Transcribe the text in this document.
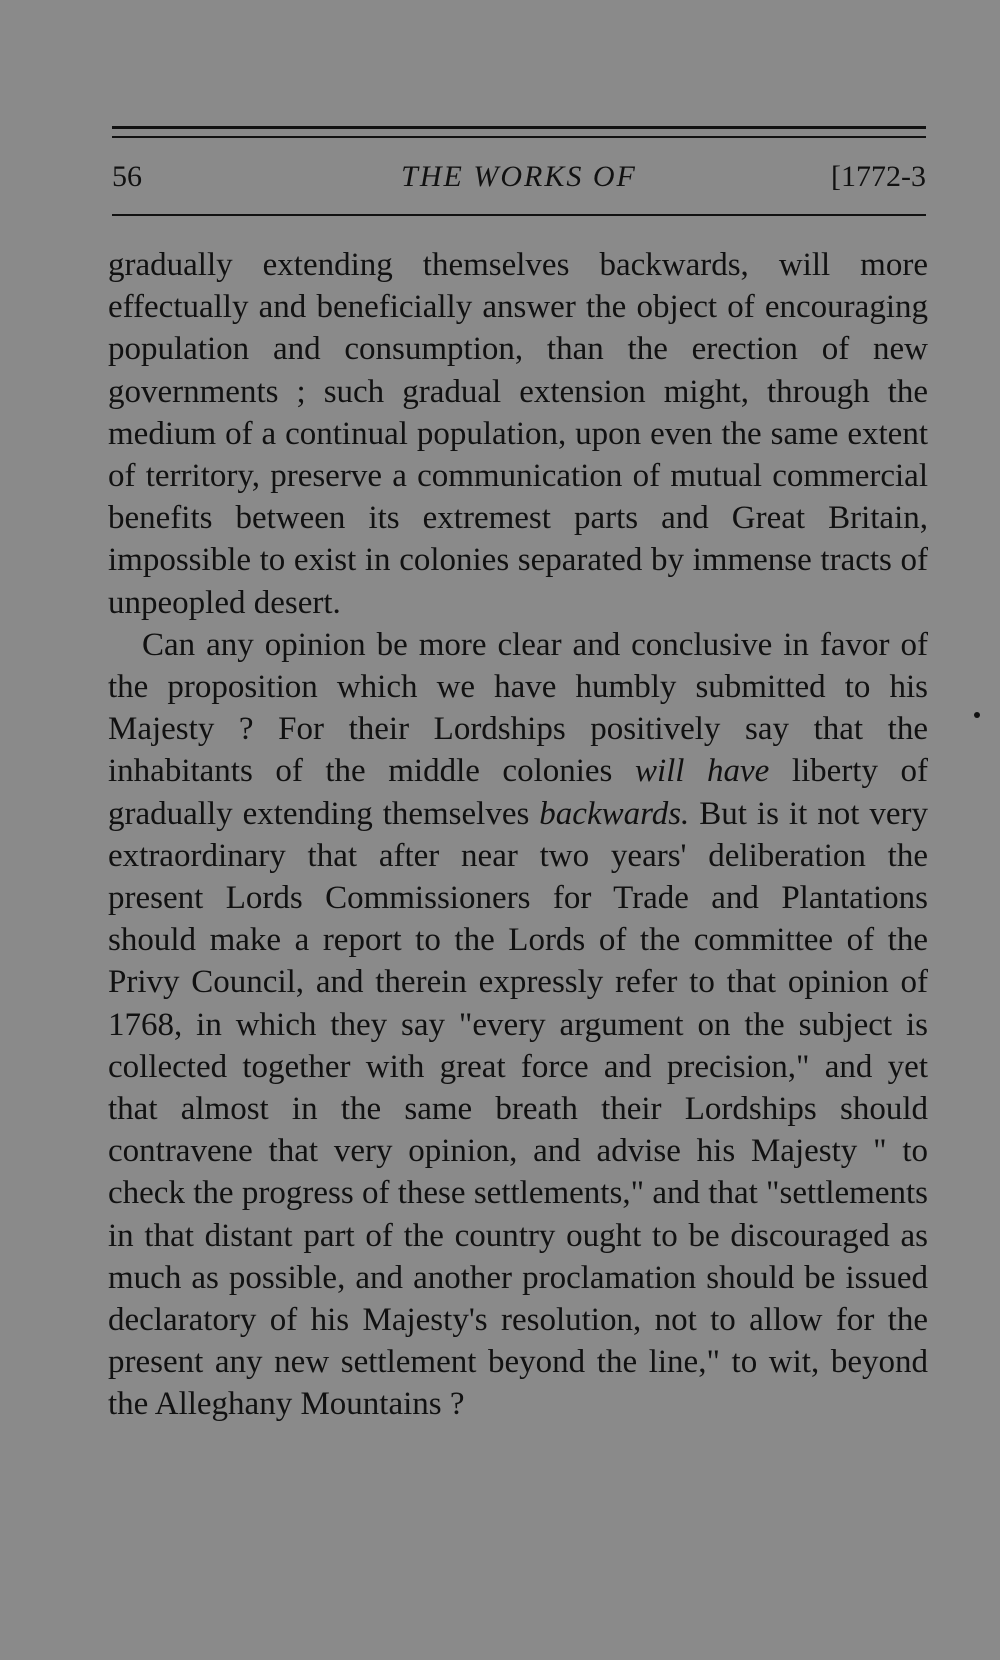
56	THE WORKS OF	[1772-3

gradually extending themselves backwards, will more effectually and beneficially answer the object of encouraging population and consumption, than the erection of new governments ; such gradual extension might, through the medium of a continual population, upon even the same extent of territory, preserve a communication of mutual commercial benefits between its extremest parts and Great Britain, impossible to exist in colonies separated by immense tracts of unpeopled desert.

Can any opinion be more clear and conclusive in favor of the proposition which we have humbly submitted to his Majesty ? For their Lordships positively say that the inhabitants of the middle colonies will have liberty of gradually extending themselves backwards. But is it not very extraordinary that after near two years' deliberation the present Lords Commissioners for Trade and Plantations should make a report to the Lords of the committee of the Privy Council, and therein expressly refer to that opinion of 1768, in which they say "every argument on the subject is collected together with great force and precision," and yet that almost in the same breath their Lordships should contravene that very opinion, and advise his Majesty " to check the progress of these settlements," and that "settlements in that distant part of the country ought to be discouraged as much as possible, and another proclamation should be issued declaratory of his Majesty's resolution, not to allow for the present any new settlement beyond the line," to wit, beyond the Alleghany Mountains ?
